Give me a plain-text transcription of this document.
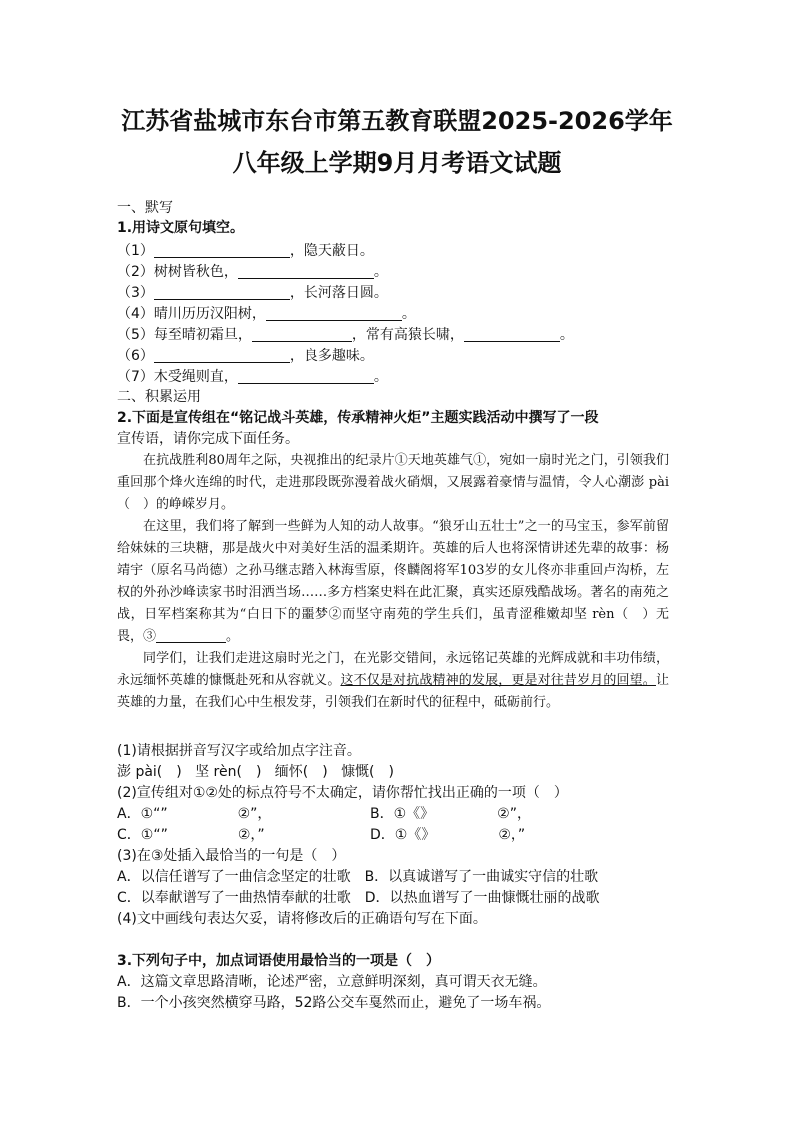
江苏省盐城市东台市第五教育联盟2025-2026学年
八年级上学期9月月考语文试题
一、默写
1.用诗文原句填空。
（1）	，隐天蔽日。
（2）树树皆秋色，	。
（3）	，长河落日圆。
（4）晴川历历汉阳树，	。
（5）每至晴初霜旦，	，常有高猿长啸，	。
（6）	，良多趣味。
（7）木受绳则直，	。
二、积累运用
2.下面是宣传组在“铭记战斗英雄，传承精神火炬”主题实践活动中撰写了一段
宣传语，请你完成下面任务。

在抗战胜利80周年之际，央视推出的纪录片①天地英雄气①，宛如一扇时光之门，引领我们重回那个烽火连绵的时代，走进那段既弥漫着战火硝烟，又展露着豪情与温情，令人心潮澎 pài（　）的峥嵘岁月。

在这里，我们将了解到一些鲜为人知的动人故事。“狼牙山五壮士”之一的马宝玉，参军前留给妹妹的三块糖，那是战火中对美好生活的温柔期许。英雄的后人也将深情讲述先辈的故事：杨靖宇（原名马尚德）之孙马继志踏入林海雪原，佟麟阁将军103岁的女儿佟亦非重回卢沟桥，左权的外孙沙峰读家书时泪洒当场……多方档案史料在此汇聚，真实还原残酷战场。著名的南苑之战，日军档案称其为“白日下的噩梦②而坚守南苑的学生兵们，虽青涩稚嫩却坚 rèn（　）无畏，③	。

同学们，让我们走进这扇时光之门，在光影交错间，永远铭记英雄的光辉成就和丰功伟绩，永远缅怀英雄的慷慨赴死和从容就义。这不仅是对抗战精神的发展，更是对往昔岁月的回望。让英雄的力量，在我们心中生根发芽，引领我们在新时代的征程中，砥砺前行。

(1)请根据拼音写汉字或给加点字注音。
澎 pài(　) 坚 rèn(　) 缅怀(　) 慷慨(　)
(2)宣传组对①②处的标点符号不太确定，请你帮忙找出正确的一项（　）
A．①“”　　　　　②”，	B．①《》　　　　　②”，
C．①“”　　　　　②，”	D．①《》　　　　　②，”
(3)在③处插入最恰当的一句是（　）
A．以信任谱写了一曲信念坚定的壮歌　B．以真诚谱写了一曲诚实守信的壮歌
C．以奉献谱写了一曲热情奉献的壮歌　D．以热血谱写了一曲慷慨壮丽的战歌
(4)文中画线句表达欠妥，请将修改后的正确语句写在下面。
3.下列句子中，加点词语使用最恰当的一项是（　）
A．这篇文章思路清晰，论述严密，立意鲜明深刻，真可谓天衣无缝。
B．一个小孩突然横穿马路，52路公交车戛然而止，避免了一场车祸。
